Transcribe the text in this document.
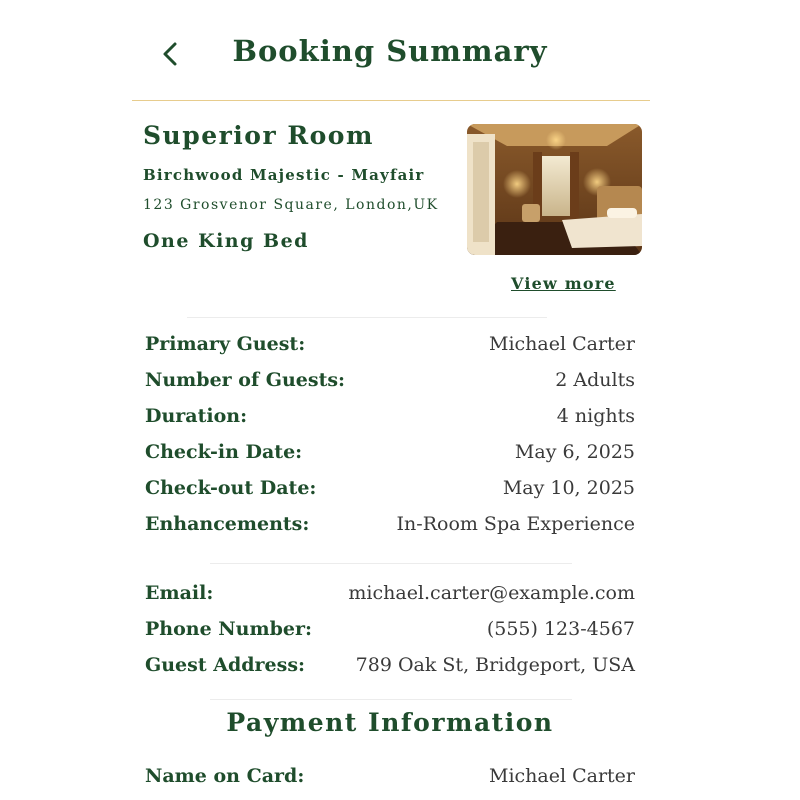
Booking Summary
Superior Room
Birchwood Majestic - Mayfair
123 Grosvenor Square, London,UK
One King Bed
View more
Primary Guest:	Michael Carter
Number of Guests:	2 Adults
Duration:	4 nights
Check-in Date:	May 6, 2025
Check-out Date:	May 10, 2025
Enhancements:	In-Room Spa Experience
Email:	michael.carter@example.com
Phone Number:	(555) 123-4567
Guest Address:	789 Oak St, Bridgeport, USA
Payment Information
Name on Card:	Michael Carter
